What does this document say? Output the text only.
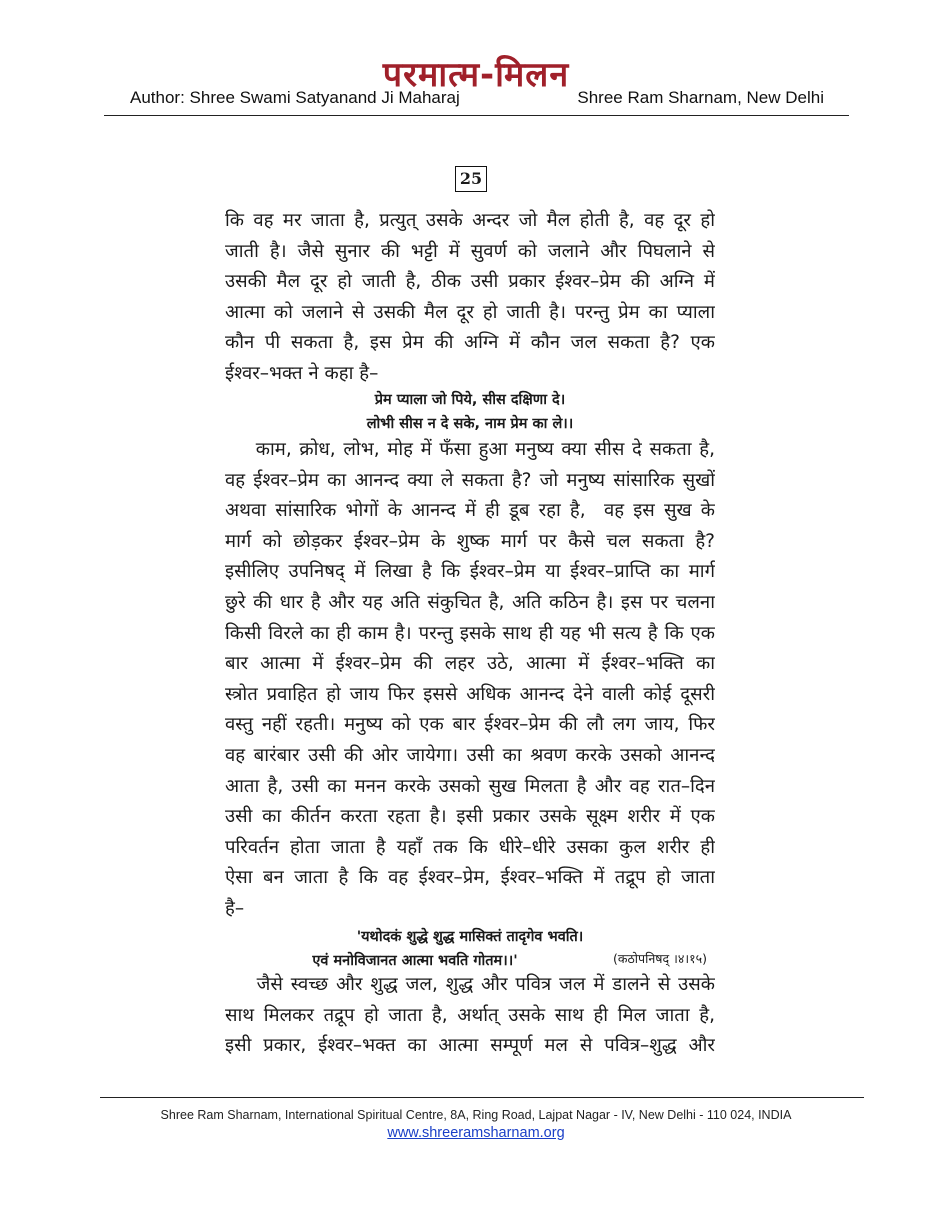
परमात्म-मिलन
Author: Shree Swami Satyanand Ji Maharaj	Shree Ram Sharnam, New Delhi
25
कि वह मर जाता है, प्रत्युत् उसके अन्दर जो मैल होती है, वह दूर हो
जाती है। जैसे सुनार की भट्टी में सुवर्ण को जलाने और पिघलाने से
उसकी मैल दूर हो जाती है, ठीक उसी प्रकार ईश्वर–प्रेम की अग्नि में
आत्मा को जलाने से उसकी मैल दूर हो जाती है। परन्तु प्रेम का प्याला
कौन पी सकता है, इस प्रेम की अग्नि में कौन जल सकता है? एक
ईश्वर–भक्त ने कहा है–
प्रेम प्याला जो पिये, सीस दक्षिणा दे।
लोभी सीस न दे सके, नाम प्रेम का ले।।
काम, क्रोध, लोभ, मोह में फँसा हुआ मनुष्य क्या सीस दे सकता है,
वह ईश्वर–प्रेम का आनन्द क्या ले सकता है? जो मनुष्य सांसारिक सुखों
अथवा सांसारिक भोगों के आनन्द में ही डूब रहा है,  वह इस सुख के
मार्ग को छोड़कर ईश्वर–प्रेम के शुष्क मार्ग पर कैसे चल सकता है?
इसीलिए उपनिषद् में लिखा है कि ईश्वर–प्रेम या ईश्वर–प्राप्ति का मार्ग
छुरे की धार है और यह अति संकुचित है, अति कठिन है। इस पर चलना
किसी विरले का ही काम है। परन्तु इसके साथ ही यह भी सत्य है कि एक
बार आत्मा में ईश्वर–प्रेम की लहर उठे, आत्मा में ईश्वर–भक्ति का
स्त्रोत प्रवाहित हो जाय फिर इससे अधिक आनन्द देने वाली कोई दूसरी
वस्तु नहीं रहती। मनुष्य को एक बार ईश्वर–प्रेम की लौ लग जाय, फिर
वह बारंबार उसी की ओर जायेगा। उसी का श्रवण करके उसको आनन्द
आता है, उसी का मनन करके उसको सुख मिलता है और वह रात–दिन
उसी का कीर्तन करता रहता है। इसी प्रकार उसके सूक्ष्म शरीर में एक
परिवर्तन होता जाता है यहाँ तक कि धीरे–धीरे उसका कुल शरीर ही
ऐसा बन जाता है कि वह ईश्वर–प्रेम, ईश्वर–भक्ति में तद्रूप हो जाता
है–
'यथोदकं शुद्धे शुद्ध मासिक्तं तादृगेव भवति।
एवं मनोविजानत आत्मा भवति गोतम।।'	(कठोपनिषद् ।४।१५)
जैसे स्वच्छ और शुद्ध जल, शुद्ध और पवित्र जल में डालने से उसके
साथ मिलकर तद्रूप हो जाता है, अर्थात् उसके साथ ही मिल जाता है,
इसी प्रकार, ईश्वर–भक्त का आत्मा सम्पूर्ण मल से पवित्र–शुद्ध और
Shree Ram Sharnam, International Spiritual Centre, 8A, Ring Road, Lajpat Nagar - IV, New Delhi - 110 024, INDIA
www.shreeramsharnam.org
